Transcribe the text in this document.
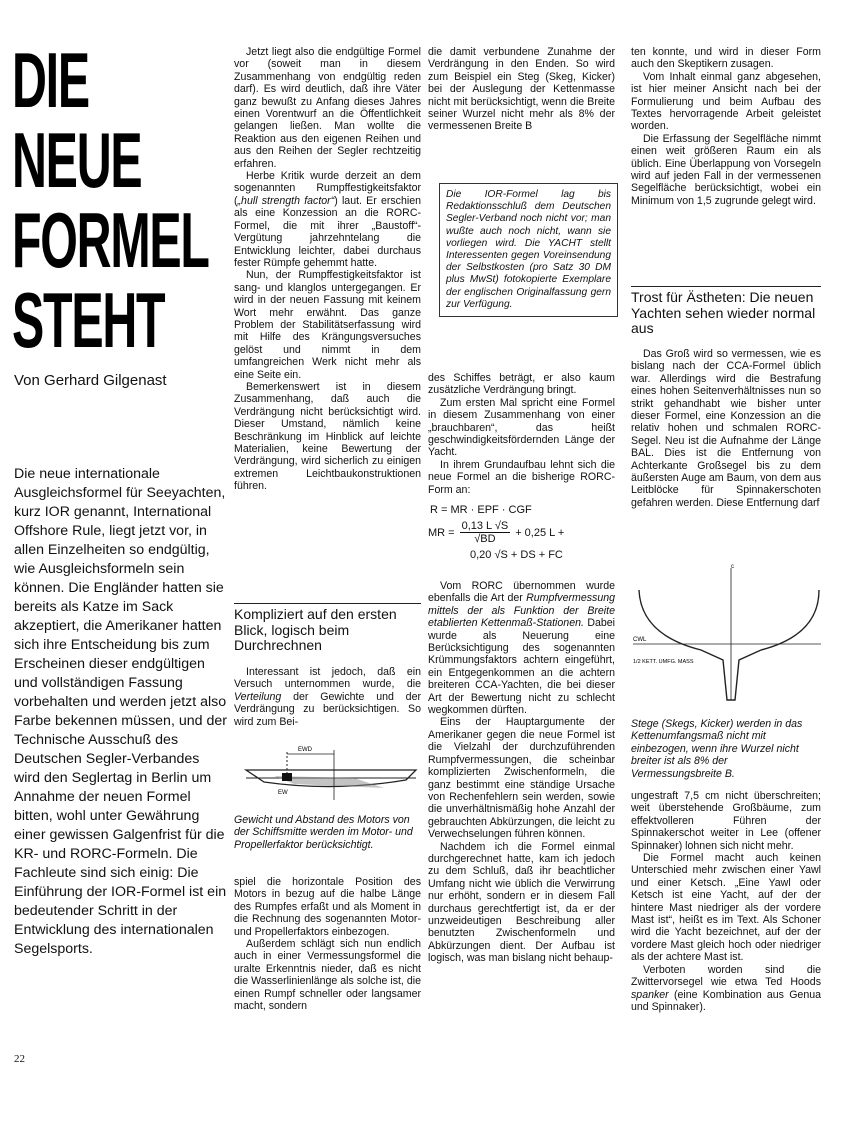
DIE
NEUE
FORMEL
STEHT
Von Gerhard Gilgenast
Die neue internationale Ausgleichsformel für Seeyachten, kurz IOR genannt, International Offshore Rule, liegt jetzt vor, in allen Einzelheiten so endgültig, wie Ausgleichsformeln sein können. Die Engländer hatten sie bereits als Katze im Sack akzeptiert, die Amerikaner hatten sich ihre Entscheidung bis zum Erscheinen dieser endgültigen und vollständigen Fassung vorbehalten und werden jetzt also Farbe bekennen müssen, und der Technische Ausschuß des Deutschen Segler-Verbandes wird den Seglertag in Berlin um Annahme der neuen Formel bitten, wohl unter Gewährung einer gewissen Galgenfrist für die KR- und RORC-Formeln. Die Fachleute sind sich einig: Die Einführung der IOR-Formel ist ein bedeutender Schritt in der Entwicklung des internationalen Segelsports.
22

Jetzt liegt also die endgültige Formel vor (soweit man in diesem Zusammenhang von endgültig reden darf). Es wird deutlich, daß ihre Väter ganz bewußt zu Anfang dieses Jahres einen Vorentwurf an die Öffentlichkeit gelangen ließen. Man wollte die Reaktion aus den eigenen Reihen und aus den Reihen der Segler rechtzeitig erfahren.

Herbe Kritik wurde derzeit an dem sogenannten Rumpffestigkeitsfaktor („hull strength factor“) laut. Er erschien als eine Konzession an die RORC-Formel, die mit ihrer „Baustoff“-Vergütung jahrzehntelang die Entwicklung leichter, dabei durchaus fester Rümpfe gehemmt hatte.

Nun, der Rumpffestigkeitsfaktor ist sang- und klanglos untergegangen. Er wird in der neuen Fassung mit keinem Wort mehr erwähnt. Das ganze Problem der Stabilitätserfassung wird mit Hilfe des Krängungsversuches gelöst und nimmt in dem umfangreichen Werk nicht mehr als eine Seite ein.

Bemerkenswert ist in diesem Zusammenhang, daß auch die Verdrängung nicht berücksichtigt wird. Dieser Umstand, nämlich keine Beschränkung im Hinblick auf leichte Materialien, keine Bewertung der Verdrängung, wird sicherlich zu einigen extremen Leichtbaukonstruktionen führen.

Kompliziert auf den ersten Blick, logisch beim Durchrechnen

Interessant ist jedoch, daß ein Versuch unternommen wurde, die Verteilung der Gewichte und der Verdrängung zu berücksichtigen. So wird zum Bei-

EWD
EW
Gewicht und Abstand des Motors von der Schiffsmitte werden im Motor- und Propellerfaktor berücksichtigt.

spiel die horizontale Position des Motors in bezug auf die halbe Länge des Rumpfes erfaßt und als Moment in die Rechnung des sogenannten Motor- und Propellerfaktors einbezogen.

Außerdem schlägt sich nun endlich auch in einer Vermessungsformel die uralte Erkenntnis nieder, daß es nicht die Wasserlinienlänge als solche ist, die einen Rumpf schneller oder langsamer macht, sondern

die damit verbundene Zunahme der Verdrängung in den Enden. So wird zum Beispiel ein Steg (Skeg, Kicker) bei der Auslegung der Kettenmasse nicht mit berücksichtigt, wenn die Breite seiner Wurzel nicht mehr als 8% der vermessenen Breite B

Die IOR-Formel lag bis Redaktionsschluß dem Deutschen Segler-Verband noch nicht vor; man wußte auch noch nicht, wann sie vorliegen wird. Die YACHT stellt Interessenten gegen Voreinsendung der Selbstkosten (pro Satz 30 DM plus MwSt) fotokopierte Exemplare der englischen Originalfassung gern zur Verfügung.

des Schiffes beträgt, er also kaum zusätzliche Verdrängung bringt.

Zum ersten Mal spricht eine Formel in diesem Zusammenhang von einer „brauchbaren“, das heißt geschwindigkeitsfördernden Länge der Yacht.

In ihrem Grundaufbau lehnt sich die neue Formel an die bisherige RORC-Form an:

R = MR · EPF · CGF
MR = $\frac{0,13 L √S}{√BD} + 0,25$ L +
0,20 √S + DS + FC

Vom RORC übernommen wurde ebenfalls die Art der Rumpfvermessung mittels der als Funktion der Breite etablierten Kettenmaß-Stationen. Dabei wurde als Neuerung eine Berücksichtigung des sogenannten Krümmungsfaktors achtern eingeführt, ein Entgegenkommen an die achtern breiteren CCA-Yachten, die bei dieser Art der Bewertung nicht zu schlecht wegkommen dürften.

Eins der Hauptargumente der Amerikaner gegen die neue Formel ist die Vielzahl der durchzuführenden Rumpfvermessungen, die scheinbar komplizierten Zwischenformeln, die ganz bestimmt eine ständige Ursache von Rechenfehlern sein werden, sowie die unverhältnismäßig hohe Anzahl der gebrauchten Abkürzungen, die leicht zu Verwechselungen führen können.

Nachdem ich die Formel einmal durchgerechnet hatte, kam ich jedoch zu dem Schluß, daß ihr beachtlicher Umfang nicht wie üblich die Verwirrung nur erhöht, sondern er in diesem Fall durchaus gerechtfertigt ist, da er der unzweideutigen Beschreibung aller benutzten Zwischenformeln und Abkürzungen dient. Der Aufbau ist logisch, was man bislang nicht behaup-

ten konnte, und wird in dieser Form auch den Skeptikern zusagen.

Vom Inhalt einmal ganz abgesehen, ist hier meiner Ansicht nach bei der Formulierung und beim Aufbau des Textes hervorragende Arbeit geleistet worden.

Die Erfassung der Segelfläche nimmt einen weit größeren Raum ein als üblich. Eine Überlappung von Vorsegeln wird auf jeden Fall in der vermessenen Segelfläche berücksichtigt, wobei ein Minimum von 1,5 zugrunde gelegt wird.

Trost für Ästheten: Die neuen Yachten sehen wieder normal aus

Das Groß wird so vermessen, wie es bislang nach der CCA-Formel üblich war. Allerdings wird die Bestrafung eines hohen Seitenverhältnisses nun so strikt gehandhabt wie bisher unter dieser Formel, eine Konzession an die relativ hohen und schmalen RORC-Segel. Neu ist die Aufnahme der Länge BAL. Dies ist die Entfernung von Achterkante Großsegel bis zu dem äußersten Auge am Baum, von dem aus Leitblöcke für Spinnakerschoten gefahren werden. Diese Entfernung darf

c
CWL
1/2 KETT. UMFG. MASS
Stege (Skegs, Kicker) werden in das Kettenumfangsmaß nicht mit einbezogen, wenn ihre Wurzel nicht breiter ist als 8% der Vermessungsbreite B.

ungestraft 7,5 cm nicht überschreiten; weit überstehende Großbäume, zum effektvolleren Führen der Spinnakerschot weiter in Lee (offener Spinnaker) lohnen sich nicht mehr.

Die Formel macht auch keinen Unterschied mehr zwischen einer Yawl und einer Ketsch. „Eine Yawl oder Ketsch ist eine Yacht, auf der der hintere Mast niedriger als der vordere Mast ist“, heißt es im Text. Als Schoner wird die Yacht bezeichnet, auf der der vordere Mast gleich hoch oder niedriger als der achtere Mast ist.

Verboten worden sind die Zwittervorsegel wie etwa Ted Hoods spanker (eine Kombination aus Genua und Spinnaker).
